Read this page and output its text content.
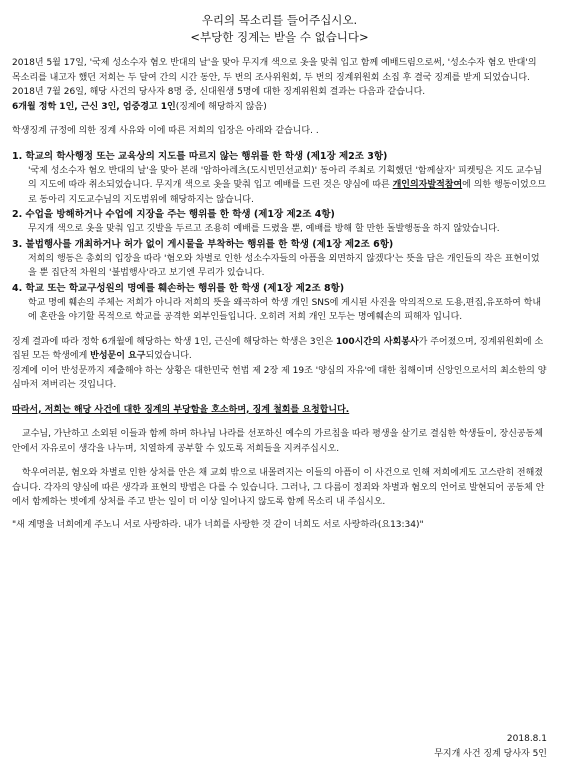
우리의 목소리를 들어주십시오.
<부당한 징계는 받을 수 없습니다>

2018년 5월 17일, '국제 성소수자 혐오 반대의 날'을 맞아 무지개 색으로 옷을 맞춰 입고 함께 예배드림으로써, '성소수자 혐오 반대'의 목소리를 내고자 했던 저희는 두 달여 간의 시간 동안, 두 번의 조사위원회, 두 번의 징계위원회 소집 후 결국 징계를 받게 되었습니다.

2018년 7월 26일, 해당 사건의 당사자 8명 중, 신대원생 5명에 대한 징계위원회 결과는 다음과 같습니다.

6개월 정학 1인, 근신 3인, 엄중경고 1인(징계에 해당하지 않음)

학생징계 규정에 의한 징계 사유와 이에 따른 저희의 입장은 아래와 같습니다. .

1. 학교의 학사행정 또는 교육상의 지도를 따르지 않는 행위를 한 학생 (제1장 제2조 3항)

'국제 성소수자 혐오 반대의 날'을 맞아 본래 '암하아레츠(도시빈민선교회)' 동아리 주최로 기획했던 '함께살자' 피켓팅은 지도 교수님의 지도에 따라 취소되었습니다. 무지개 색으로 옷을 맞춰 입고 예배를 드린 것은 양심에 따른 개인의자발적참여에 의한 행동이었으므로 동아리 지도교수님의 지도범위에 해당하지는 않습니다.

2. 수업을 방해하거나 수업에 지장을 주는 행위를 한 학생 (제1장 제2조 4항)

무지개 색으로 옷을 맞춰 입고 깃발을 두르고 조용히 예배를 드렸을 뿐, 예배를 방해 할 만한 돌발행동을 하지 않았습니다.

3. 불법행사를 개최하거나 허가 없이 게시물을 부착하는 행위를 한 학생 (제1장 제2조 6항)

저희의 행동은 총회의 입장을 따라 '혐오와 차별로 인한 성소수자들의 아픔을 외면하지 않겠다'는 뜻을 담은 개인들의 작은 표현이었을 뿐 집단적 차원의 '불법행사'라고 보기엔 무리가 있습니다.

4. 학교 또는 학교구성원의 명예를 훼손하는 행위를 한 학생 (제1장 제2조 8항)

학교 명예 훼손의 주체는 저희가 아니라 저희의 뜻을 왜곡하여 학생 개인 SNS에 게시된 사진을 악의적으로 도용,편집,유포하여 학내에 혼란을 야기할 목적으로 학교를 공격한 외부인들입니다. 오히려 저희 개인 모두는 명예훼손의 피해자 입니다.

징계 결과에 따라 정학 6개월에 해당하는 학생 1인, 근신에 해당하는 학생은 3인은 100시간의 사회봉사가 주어졌으며, 징계위원회에 소집된 모든 학생에게 반성문이 요구되었습니다.

징계에 이어 반성문까지 제출해야 하는 상황은 대한민국 헌법 제 2장 제 19조 '양심의 자유'에 대한 침해이며 신앙인으로서의 최소한의 양심마저 져버리는 것입니다.

따라서, 저희는 해당 사건에 대한 징계의 부당함을 호소하며, 징계 철회를 요청합니다.

교수님, 가난하고 소외된 이들과 함께 하며 하나님 나라를 선포하신 예수의 가르침을 따라 평생을 살기로 결심한 학생들이, 장신공동체 안에서 자유로이 생각을 나누며, 치열하게 공부할 수 있도록 저희들을 지켜주십시오.

학우여러분, 혐오와 차별로 인한 상처를 안은 채 교회 밖으로 내몰려지는 이들의 아픔이 이 사건으로 인해 저희에게도 고스란히 전해졌습니다. 각자의 양심에 따른 생각과 표현의 방법은 다를 수 있습니다. 그러나, 그 다름이 정죄와 차별과 혐오의 언어로 발현되어 공동체 안에서 함께하는 벗에게 상처를 주고 받는 일이 더 이상 일어나지 않도록 함께 목소리 내 주십시오.

"새 계명을 너희에게 주노니 서로 사랑하라. 내가 너희를 사랑한 것 같이 너희도 서로 사랑하라(요13:34)"

2018.8.1
무지개 사건 징계 당사자 5인
